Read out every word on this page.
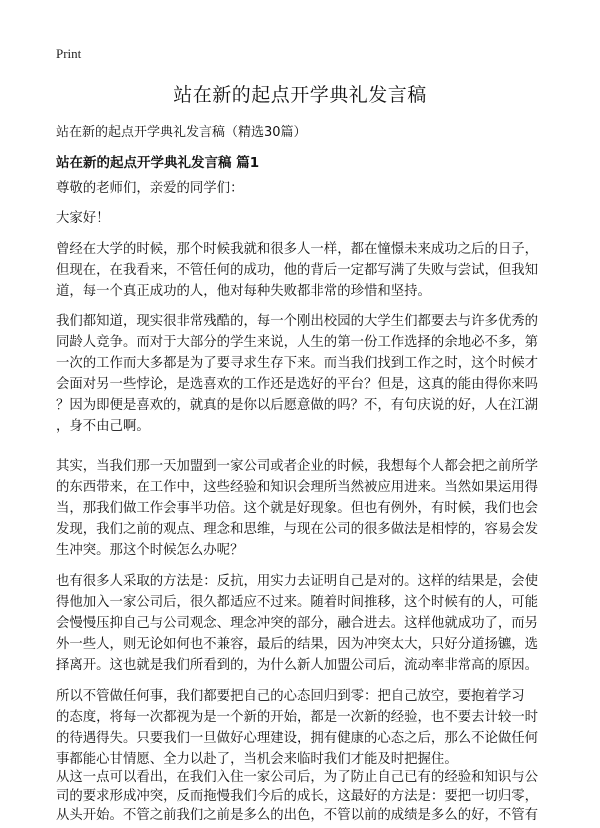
Print
站在新的起点开学典礼发言稿
站在新的起点开学典礼发言稿（精选30篇）
站在新的起点开学典礼发言稿 篇1
尊敬的老师们，亲爱的同学们：
大家好！
曾经在大学的时候，那个时候我就和很多人一样，都在憧憬未来成功之后的日子，
但现在，在我看来，不管任何的成功，他的背后一定都写满了失败与尝试，但我知
道，每一个真正成功的人，他对每种失败都非常的珍惜和坚持。
我们都知道，现实很非常残酷的，每一个刚出校园的大学生们都要去与许多优秀的
同龄人竞争。而对于大部分的学生来说，人生的第一份工作选择的余地必不多，第
一次的工作而大多都是为了要寻求生存下来。而当我们找到工作之时，这个时候才
会面对另一些悖论，是选喜欢的工作还是选好的平台？但是，这真的能由得你来吗
？因为即便是喜欢的，就真的是你以后愿意做的吗？不，有句庆说的好，人在江湖
，身不由己啊。
其实，当我们那一天加盟到一家公司或者企业的时候，我想每个人都会把之前所学
的东西带来，在工作中，这些经验和知识会理所当然被应用进来。当然如果运用得
当，那我们做工作会事半功倍。这个就是好现象。但也有例外，有时候，我们也会
发现，我们之前的观点、理念和思维，与现在公司的很多做法是相悖的，容易会发
生冲突。那这个时候怎么办呢？
也有很多人采取的方法是：反抗，用实力去证明自己是对的。这样的结果是，会使
得他加入一家公司后，很久都适应不过来。随着时间推移，这个时候有的人，可能
会慢慢压抑自己与公司观念、理念冲突的部分，融合进去。这样他就成功了，而另
外一些人，则无论如何也不兼容，最后的结果，因为冲突太大，只好分道扬镳，选
择离开。这也就是我们所看到的，为什么新人加盟公司后，流动率非常高的原因。
所以不管做任何事，我们都要把自己的心态回归到零：把自己放空，要抱着学习
的态度，将每一次都视为是一个新的开始，都是一次新的经验，也不要去计较一时
的待遇得失。只要我们一旦做好心理建设，拥有健康的心态之后，那么不论做任何
事都能心甘情愿、全力以赴了，当机会来临时我们才能及时把握住。
从这一点可以看出，在我们入住一家公司后，为了防止自己已有的经验和知识与公
司的要求形成冲突，反而拖慢我们今后的成长，这最好的方法是：要把一切归零，
从头开始。不管之前我们之前是多么的出色，不管以前的成绩是多么的好，不管有
